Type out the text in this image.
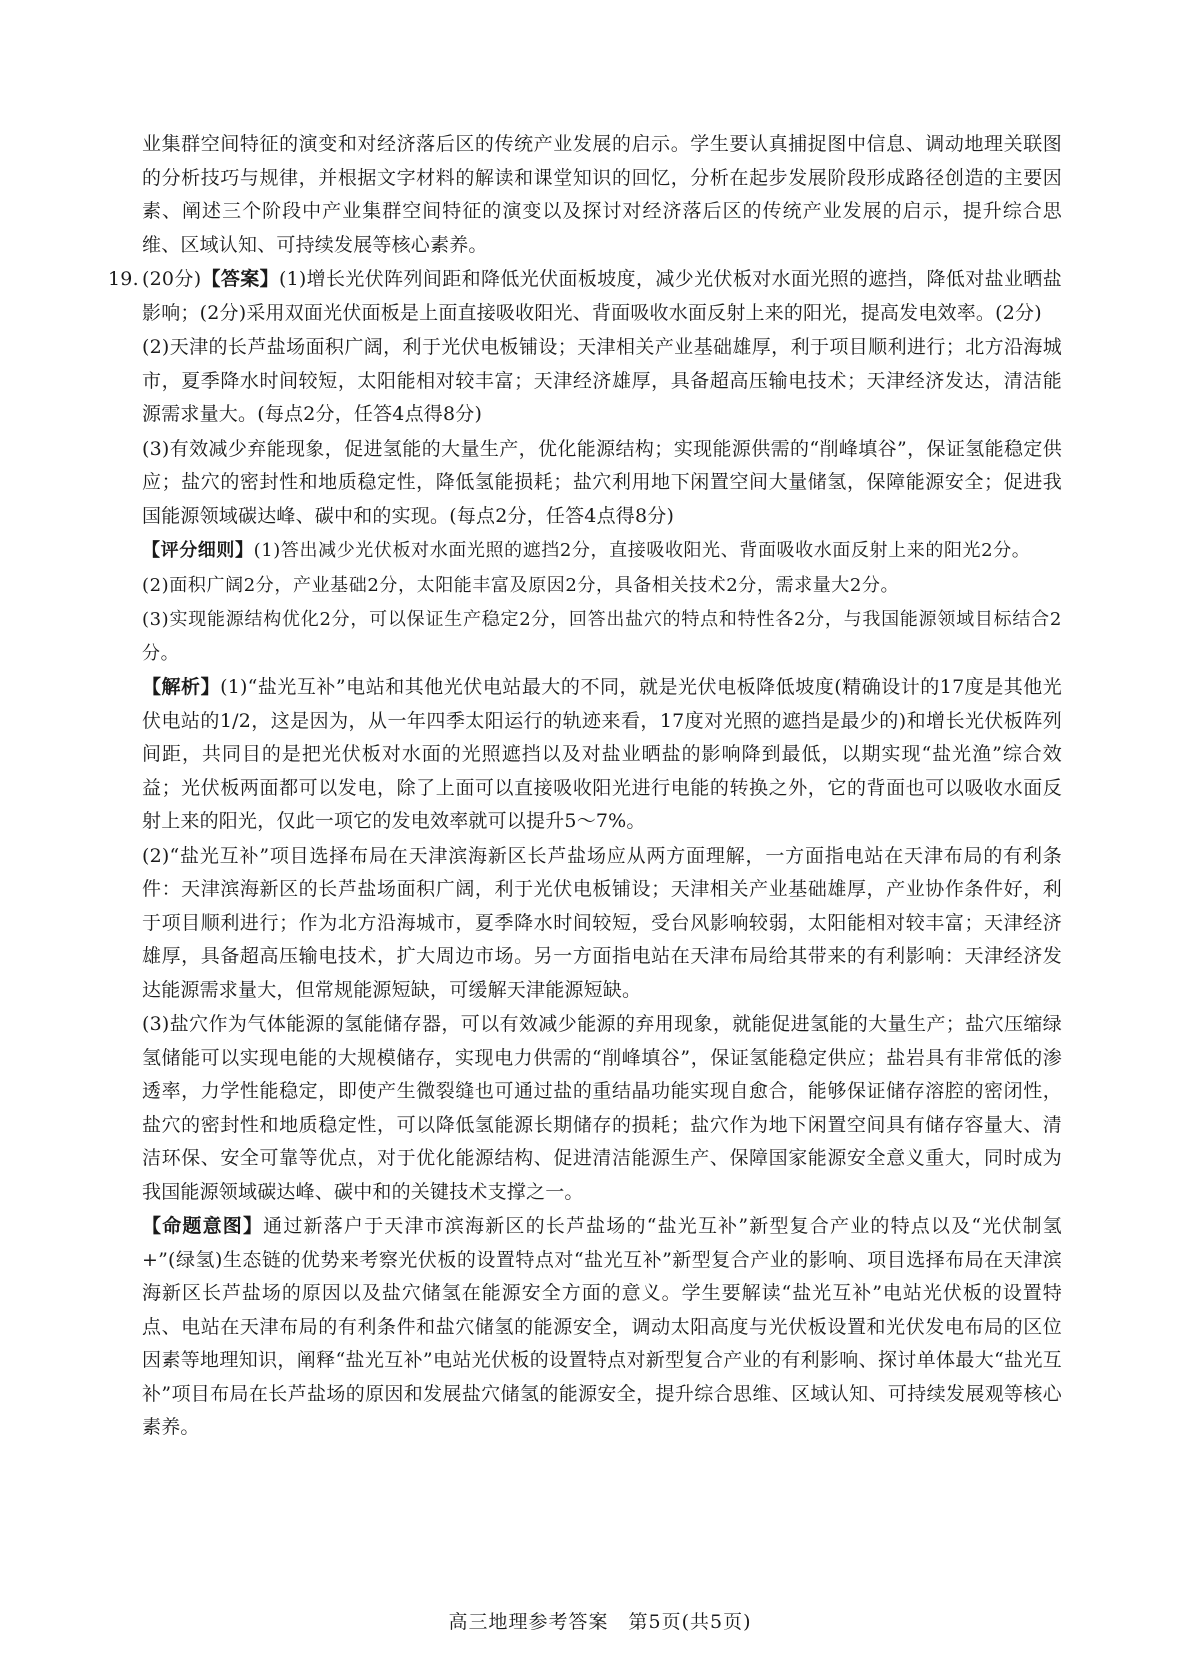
业集群空间特征的演变和对经济落后区的传统产业发展的启示。学生要认真捕捉图中信息、调动地理关联图的分析技巧与规律，并根据文字材料的解读和课堂知识的回忆，分析在起步发展阶段形成路径创造的主要因素、阐述三个阶段中产业集群空间特征的演变以及探讨对经济落后区的传统产业发展的启示，提升综合思维、区域认知、可持续发展等核心素养。

19. (20分)【答案】(1)增长光伏阵列间距和降低光伏面板坡度，减少光伏板对水面光照的遮挡，降低对盐业晒盐影响；(2分)采用双面光伏面板是上面直接吸收阳光、背面吸收水面反射上来的阳光，提高发电效率。(2分)

(2)天津的长芦盐场面积广阔，利于光伏电板铺设；天津相关产业基础雄厚，利于项目顺利进行；北方沿海城市，夏季降水时间较短，太阳能相对较丰富；天津经济雄厚，具备超高压输电技术；天津经济发达，清洁能源需求量大。(每点2分，任答4点得8分)

(3)有效减少弃能现象，促进氢能的大量生产，优化能源结构；实现能源供需的“削峰填谷”，保证氢能稳定供应；盐穴的密封性和地质稳定性，降低氢能损耗；盐穴利用地下闲置空间大量储氢，保障能源安全；促进我国能源领域碳达峰、碳中和的实现。(每点2分，任答4点得8分)

【评分细则】(1)答出减少光伏板对水面光照的遮挡2分，直接吸收阳光、背面吸收水面反射上来的阳光2分。

(2)面积广阔2分，产业基础2分，太阳能丰富及原因2分，具备相关技术2分，需求量大2分。

(3)实现能源结构优化2分，可以保证生产稳定2分，回答出盐穴的特点和特性各2分，与我国能源领域目标结合2分。

【解析】(1)“盐光互补”电站和其他光伏电站最大的不同，就是光伏电板降低坡度(精确设计的17度是其他光伏电站的1/2，这是因为，从一年四季太阳运行的轨迹来看，17度对光照的遮挡是最少的)和增长光伏板阵列间距，共同目的是把光伏板对水面的光照遮挡以及对盐业晒盐的影响降到最低，以期实现“盐光渔”综合效益；光伏板两面都可以发电，除了上面可以直接吸收阳光进行电能的转换之外，它的背面也可以吸收水面反射上来的阳光，仅此一项它的发电效率就可以提升5～7%。

(2)“盐光互补”项目选择布局在天津滨海新区长芦盐场应从两方面理解，一方面指电站在天津布局的有利条件：天津滨海新区的长芦盐场面积广阔，利于光伏电板铺设；天津相关产业基础雄厚，产业协作条件好，利于项目顺利进行；作为北方沿海城市，夏季降水时间较短，受台风影响较弱，太阳能相对较丰富；天津经济雄厚，具备超高压输电技术，扩大周边市场。另一方面指电站在天津布局给其带来的有利影响：天津经济发达能源需求量大，但常规能源短缺，可缓解天津能源短缺。

(3)盐穴作为气体能源的氢能储存器，可以有效减少能源的弃用现象，就能促进氢能的大量生产；盐穴压缩绿氢储能可以实现电能的大规模储存，实现电力供需的“削峰填谷”，保证氢能稳定供应；盐岩具有非常低的渗透率，力学性能稳定，即使产生微裂缝也可通过盐的重结晶功能实现自愈合，能够保证储存溶腔的密闭性，盐穴的密封性和地质稳定性，可以降低氢能源长期储存的损耗；盐穴作为地下闲置空间具有储存容量大、清洁环保、安全可靠等优点，对于优化能源结构、促进清洁能源生产、保障国家能源安全意义重大，同时成为我国能源领域碳达峰、碳中和的关键技术支撑之一。

【命题意图】通过新落户于天津市滨海新区的长芦盐场的“盐光互补”新型复合产业的特点以及“光伏制氢+”(绿氢)生态链的优势来考察光伏板的设置特点对“盐光互补”新型复合产业的影响、项目选择布局在天津滨海新区长芦盐场的原因以及盐穴储氢在能源安全方面的意义。学生要解读“盐光互补”电站光伏板的设置特点、电站在天津布局的有利条件和盐穴储氢的能源安全，调动太阳高度与光伏板设置和光伏发电布局的区位因素等地理知识，阐释“盐光互补”电站光伏板的设置特点对新型复合产业的有利影响、探讨单体最大“盐光互补”项目布局在长芦盐场的原因和发展盐穴储氢的能源安全，提升综合思维、区域认知、可持续发展观等核心素养。

高三地理参考答案　第5页(共5页)
